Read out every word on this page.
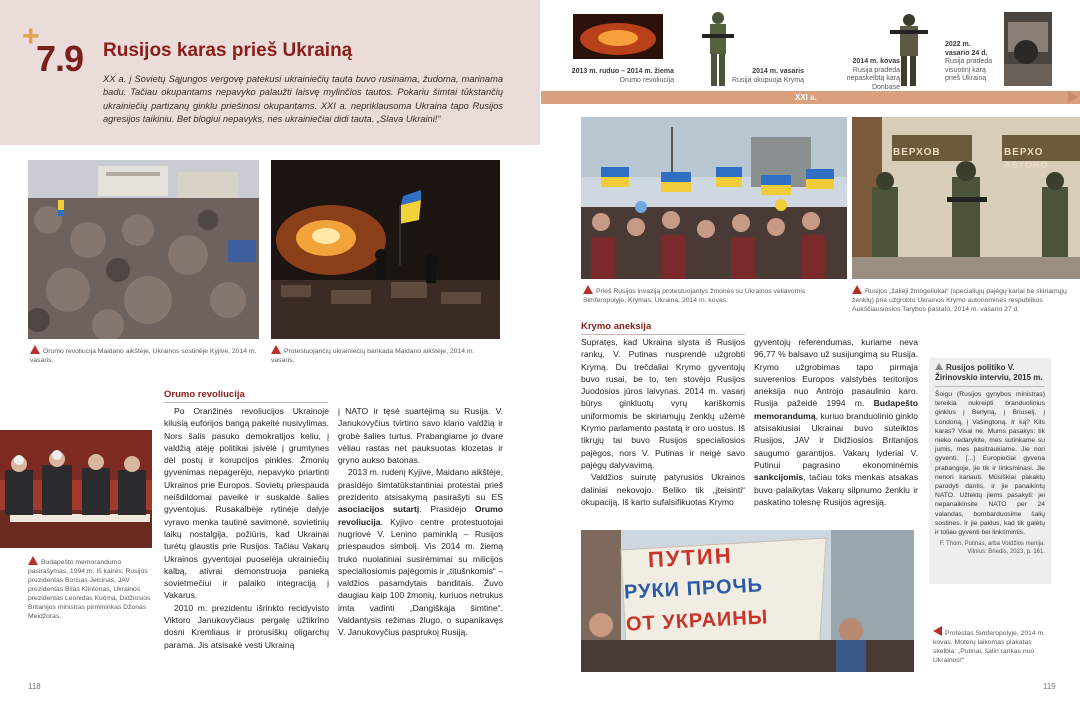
+
7.9 Rusijos karas prieš Ukrainą
XX a. į Sovietų Sąjungos vergovę patekusi ukrainiečių tauta buvo rusinama, žudoma, marinama badu. Tačiau okupantams nepavyko palaužti laisvę mylinčios tautos. Pokariu šimtai tūkstančių ukrainiečių partizanų ginklu priešinosi okupantams. XXI a. nepriklausoma Ukraina tapo Rusijos agresijos taikiniu. Bet blogiui nepavyks, nes ukrainiečiai didi tauta. „Slava Ukraini!“
Orumo revoliucija Maidano aikštėje, Ukrainos sostinėje Kyjive, 2014 m. vasaris.
Protestuojančių ukrainiečių barikada Maidano aikštėje, 2014 m. vasaris.
Budapešto memorandumo pasirašymas, 1994 m. Iš kairės: Rusijos prezidentas Borisas Jelcinas, JAV prezidentas Bilas Klintonas, Ukrainos prezidentas Leonidas Kučma, Didžiosios Britanijos ministras pirmininkas Džonas Meidžoras.
Orumo revoliucija

Po Oranžinės revoliucijos Ukrainoje kilusią euforijos bangą pakeitė nusivylimas. Nors šalis pasuko demokratijos keliu, į valdžią atėję politikai įsivėlė į grumtynes dėl postų ir korupcijos pinkles. Žmonių gyvenimas nepagerėjo, nepavyko priartinti Ukrainos prie Europos. Sovietų priespauda neišdildomai paveikė ir suskaldė šalies gyventojus. Rusakalbėje rytinėje dalyje vyravo menka tautinė savimonė, sovietinių laikų nostalgija, požiūris, kad Ukrainai turėtų glaustis prie Rusijos. Tačiau Vakarų Ukrainos gyventojai puoselėja ukrainiečių kalbą, ativrai demonstruoja panieką sovietmečiui ir palaiko integraciją į Vakarus.

2010 m. prezidentu išrinkto recidyvisto Viktoro Janukovyčiaus pergalę užtikrino dosni Kremliaus ir prorusiškų oligarchų parama. Jis atsisakė vesti Ukrainą

į NATO ir tęsė suartėjimą su Rusija. V. Janukovyčius tvirtino savo klano valdžią ir grobė šalies turtus. Prabangiame jo dvare vėliau rastas net pauksuotas klozetas ir gryno aukso batonas.

2013 m. rudenį Kyjive, Maidano aikštėje, prasidėjo šimtatūkstantiniai protestai prieš prezidento atsisakymą pasirašyti su ES asociacijos sutartį. Prasidėjo Orumo revoliucija. Kyjivo centre protestuotojai nugriovė V. Lenino paminklą – Rusijos priespaudos simbolį. Vis 2014 m. žiemą truko nuolatiniai susirėmimai su milicijos specialiosiomis pajėgomis ir „titušnkomis“ – valdžios pasamdytais banditais. Žuvo daugiau kaip 100 žmonių, kuriuos netrukus imta vadinti „Dangiškąja šimtine“. Valdantysis režimas žlugo, o supanikavęs V. Janukovyčius pasprukoį Rusiją.

118
2013 m. ruduo – 2014 m. žiema
Orumo revoliucija
2014 m. vasaris
Rusija okupuoja Krymą
2014 m. kovas
Rusija pradeda nepaskelbtą karą Donbase
2022 m. vasario 24 d.
Rusija pradeda visuotinį karą prieš Ukrainą
XXI a.
ВЕРХОВ	ВЕРХО
АВТОНО
Prieš Rusijos invaziją protestuojantys žmonės su Ukrainos vėliavomis Simferopolyje, Krymas, Ukraina, 2014 m. kovas.
Rusijos „žalieji žmogeliukai“ (specialiųjų pajėgų kariai be skiriamųjų ženklų) prie užgrobto Ukrainos Krymo autonominės respublikos Aukščiausiosios Tarybos pastato, 2014 m. vasario 27 d.
Krymo aneksija

Supratęs, kad Ukraina slysta iš Rusijos rankų, V. Putinas nusprendė užgrobti Krymą. Du trečdaliai Krymo gyventojų buvo rusai, be to, ten stovėjo Rusijos Juodosios jūros laivynas. 2014 m. vasarį būrys ginkluotų vyrų kariškomis uniformomis be skiriamųjų ženklų užėmė Krymo parlamento pastatą ir oro uostus. Iš tikrųjų tai buvo Rusijos specialiosios pajėgos, nors V. Putinas ir neigė savo pajėgų dalyvavimą.

Valdžios suirutę patyrusios Ukrainos daliniai nekovojo. Beliko tik „įteisinti“ okupaciją. Iš karto sufalsifikuotas Krymo

gyventojų referendumas, kuriame neva 96,77 % balsavo už susijungimą su Rusija. Krymo užgrobimas tapo pirmąja suverenios Europos valstybės teritorijos aneksija nuo Antrojo pasaulinio karo. Rusija pažeidė 1994 m. Budapešto memorandumą, kuriuo branduolinio ginklo atsisakiusiai Ukrainai buvo suteiktos Rusijos, JAV ir Didžiosios Britanijos saugumo garantijos. Vakarų lyderiai V. Putinui pagrasino ekonominėmis sankcijomis, tačiau toks menkas atsakas buvo palaikytas Vakarų silpnumo ženklu ir paskatino tolesnę Rusijos agresiją.

Rusijos politiko V. Žirinovskio interviu, 2015 m.
Šoigu (Rusijos gynybos ministras) tereikia nukreipti branduolinius ginklus į Berlyną, į Briuselį, į Londoną, į Vašingtoną. Ir ką? Kits karas? Visai ne. Mums pasakys: tik nieko nedarykite, mes sutinkame su jumis, mes pasitraukiame. Jie nori gyventi. [...] Europiečiai gyvena prabangoje, jie tik ir linksminasi. Jie nenori kariauti. Mūsiškiai pakaktų parodyti dantis, ir jie panaikintų NATO. Užtektų jiems pasakyti: jei nepanaikinsite NATO per 24 valandas, bombarduosime šalių sostines. Ir jie paklus, kad tik galėtų ir toliau gyventi bei linksmintis.
F. Thom, Putinas, arba Voldžios menija. Vilnius: Briedis, 2023, p. 161.
ПУТИН
РУКИ ПРОЧЬ
ОТ УКРАИНЫ	Protestas Simferopolyje, 2014 m. kovas. Moterų laikomas plakatas skelbia: „Putinai, šalin rankas nuo Ukrainos!“
119
